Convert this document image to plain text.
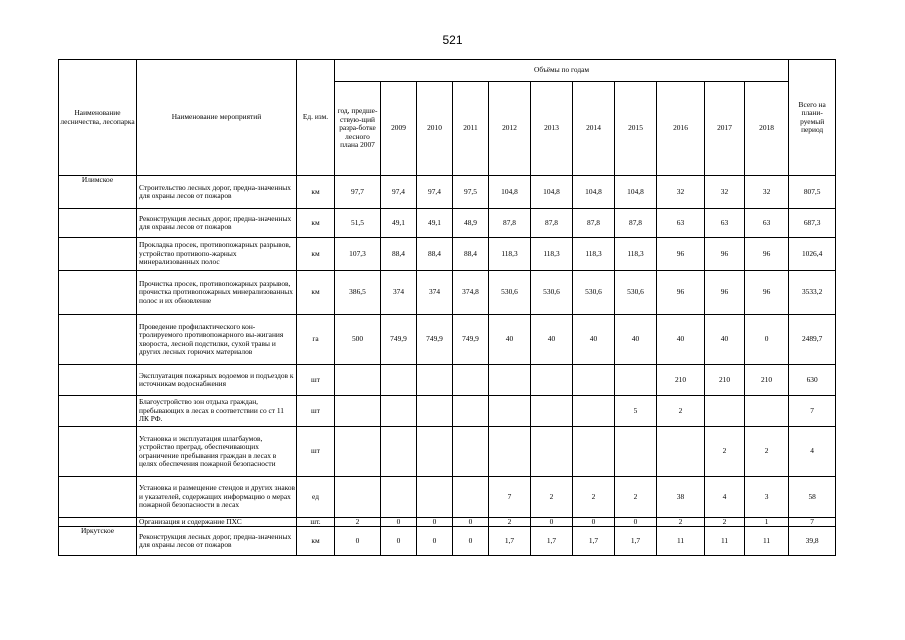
521
Наименование лесничества, лесопарка	Наименование мероприятий	Ед. изм.	Объёмы по годам											Всего на плани-руемый период
			год, предше-ствую-щий разра-ботке лесного плана 2007	2009	2010	2011	2012	2013	2014	2015	2016	2017	2018	
Илимское	Строительство лесных дорог, предна-значенных для охраны лесов от пожаров	км	97,7	97,4	97,4	97,5	104,8	104,8	104,8	104,8	32	32	32	807,5
	Реконструкция лесных дорог, предна-значенных для охраны лесов от пожаров	км	51,5	49,1	49,1	48,9	87,8	87,8	87,8	87,8	63	63	63	687,3
	Прокладка просек, противопожарных разрывов, устройство противопо-жарных минерализованных полос	км	107,3	88,4	88,4	88,4	118,3	118,3	118,3	118,3	96	96	96	1026,4
	Прочистка просек, противопожарных разрывов, прочистка противопожарных минерализованных полос и их обновление	км	386,5	374	374	374,8	530,6	530,6	530,6	530,6	96	96	96	3533,2
	Проведение профилактического кон-тролируемого противопожарного вы-жигания хвороста, лесной подстилки, сухой травы и других лесных горючих материалов	га	500	749,9	749,9	749,9	40	40	40	40	40	40	0	2489,7
	Эксплуатация пожарных водоемов и подъездов к источникам водоснабжения	шт									210	210	210	630
	Благоустройство зон отдыха граждан, пребывающих в лесах в соответствии со ст 11 ЛК РФ.	шт								5	2			7
	Установка и эксплуатация шлагбаумов, устройство преград, обеспечивающих ограничение пребывания граждан в лесах в целях обеспечения пожарной безопасности	шт										2	2	4
	Установка и размещение стендов и других знаков и указателей, содержащих информацию о мерах пожарной безопасности в лесах	ед					7	2	2	2	38	4	3	58
	Организация и содержание ПХС	шт.	2	0	0	0	2	0	0	0	2	2	1	7
Иркутское	Реконструкция лесных дорог, предна-значенных для охраны лесов от пожаров	км	0	0	0	0	1,7	1,7	1,7	1,7	11	11	11	39,8
